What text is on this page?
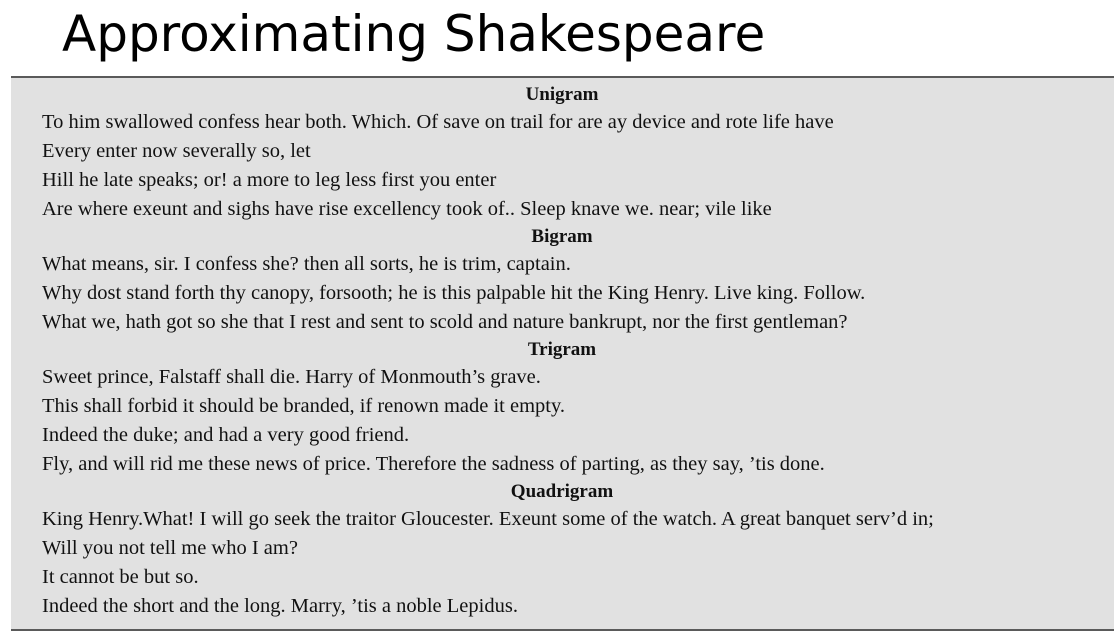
Approximating Shakespeare
Unigram
To him swallowed confess hear both. Which. Of save on trail for are ay device and rote life have
Every enter now severally so, let
Hill he late speaks; or! a more to leg less first you enter
Are where exeunt and sighs have rise excellency took of.. Sleep knave we. near; vile like
Bigram
What means, sir. I confess she? then all sorts, he is trim, captain.
Why dost stand forth thy canopy, forsooth; he is this palpable hit the King Henry. Live king. Follow.
What we, hath got so she that I rest and sent to scold and nature bankrupt, nor the first gentleman?
Trigram
Sweet prince, Falstaff shall die. Harry of Monmouth’s grave.
This shall forbid it should be branded, if renown made it empty.
Indeed the duke; and had a very good friend.
Fly, and will rid me these news of price. Therefore the sadness of parting, as they say, ’tis done.
Quadrigram
King Henry.What! I will go seek the traitor Gloucester. Exeunt some of the watch. A great banquet serv’d in;
Will you not tell me who I am?
It cannot be but so.
Indeed the short and the long. Marry, ’tis a noble Lepidus.
